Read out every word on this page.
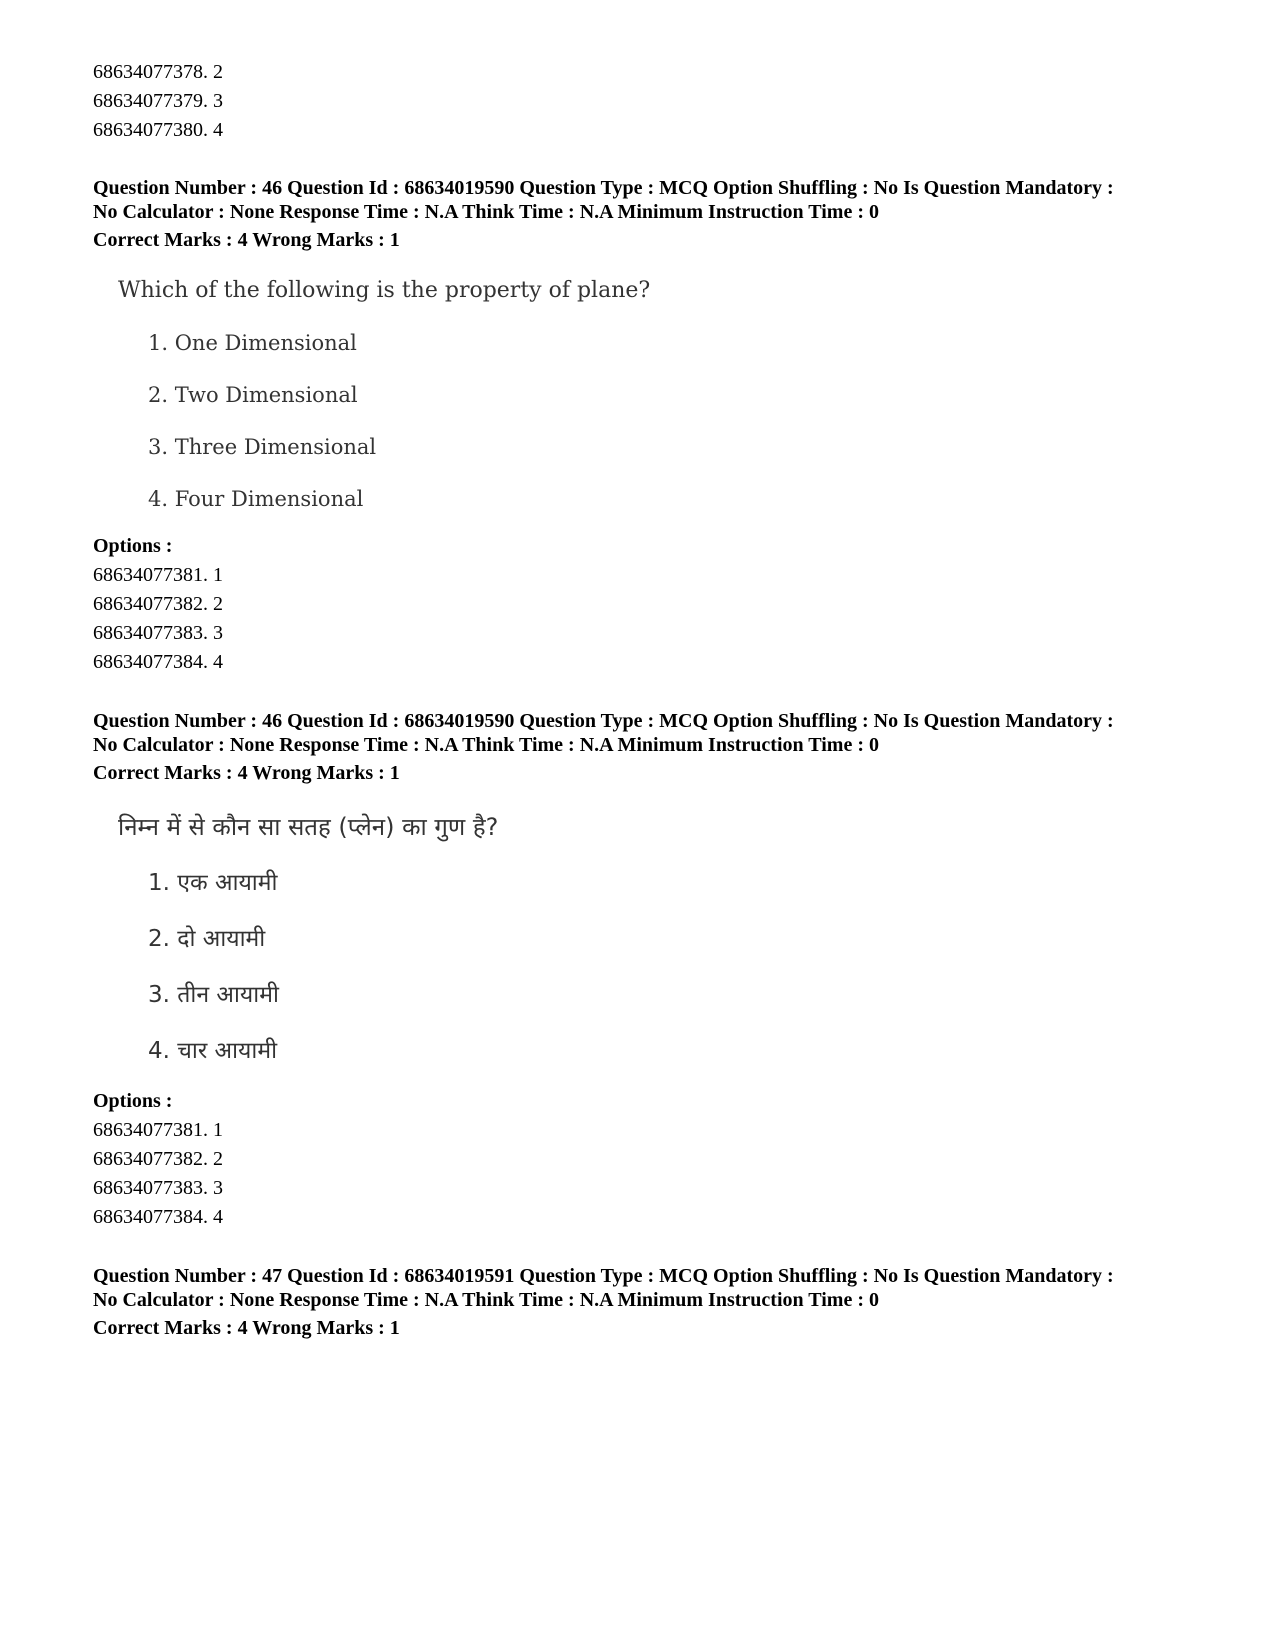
68634077378. 2
68634077379. 3
68634077380. 4
Question Number : 46 Question Id : 68634019590 Question Type : MCQ Option Shuffling : No Is Question Mandatory :
No Calculator : None Response Time : N.A Think Time : N.A Minimum Instruction Time : 0
Correct Marks : 4 Wrong Marks : 1
Which of the following is the property of plane?
1. One Dimensional
2. Two Dimensional
3. Three Dimensional
4. Four Dimensional
Options :
68634077381. 1
68634077382. 2
68634077383. 3
68634077384. 4
Question Number : 46 Question Id : 68634019590 Question Type : MCQ Option Shuffling : No Is Question Mandatory :
No Calculator : None Response Time : N.A Think Time : N.A Minimum Instruction Time : 0
Correct Marks : 4 Wrong Marks : 1
निम्न में से कौन सा सतह (प्लेन) का गुण है?
1. एक आयामी
2. दो आयामी
3. तीन आयामी
4. चार आयामी
Options :
68634077381. 1
68634077382. 2
68634077383. 3
68634077384. 4
Question Number : 47 Question Id : 68634019591 Question Type : MCQ Option Shuffling : No Is Question Mandatory :
No Calculator : None Response Time : N.A Think Time : N.A Minimum Instruction Time : 0
Correct Marks : 4 Wrong Marks : 1
